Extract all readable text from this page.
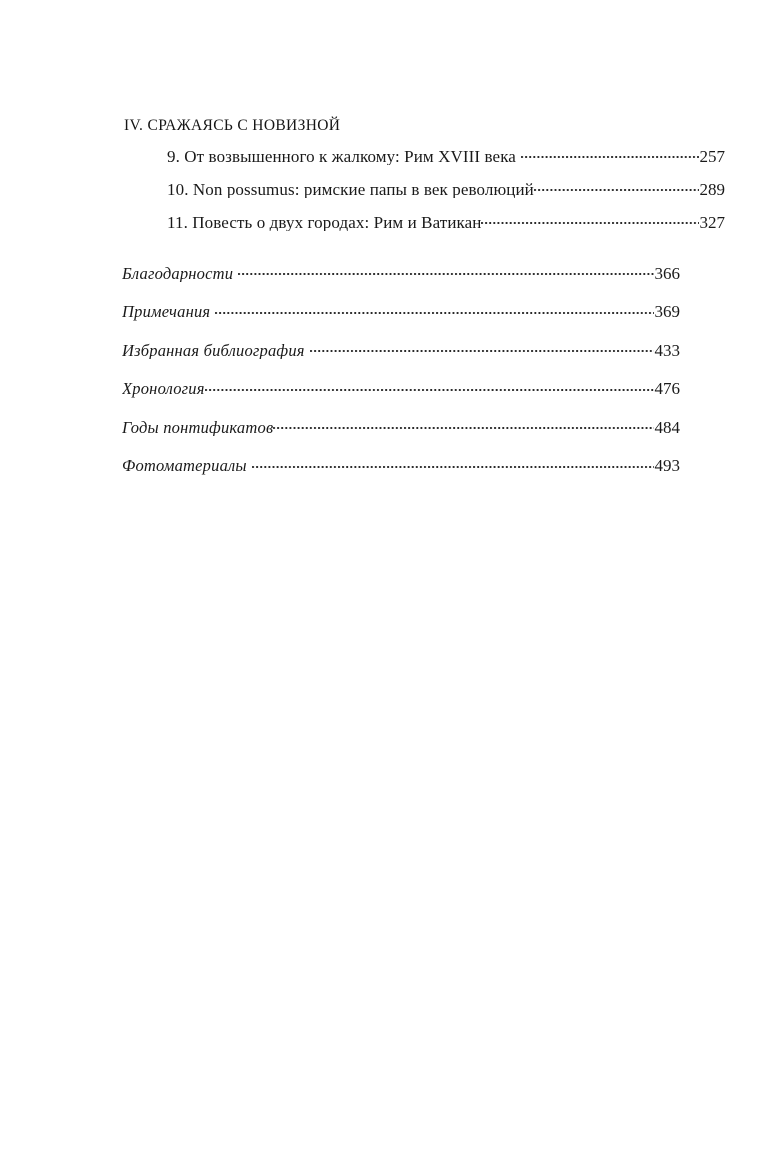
IV. СРАЖАЯСЬ С НОВИЗНОЙ
9. От возвышенного к жалкому: Рим XVIII века	257
10. Non possumus: римские папы в век революций	289
11. Повесть о двух городах: Рим и Ватикан	327
Благодарности	366
Примечания	369
Избранная библиография	433
Хронология	476
Годы понтификатов	484
Фотоматериалы	493
